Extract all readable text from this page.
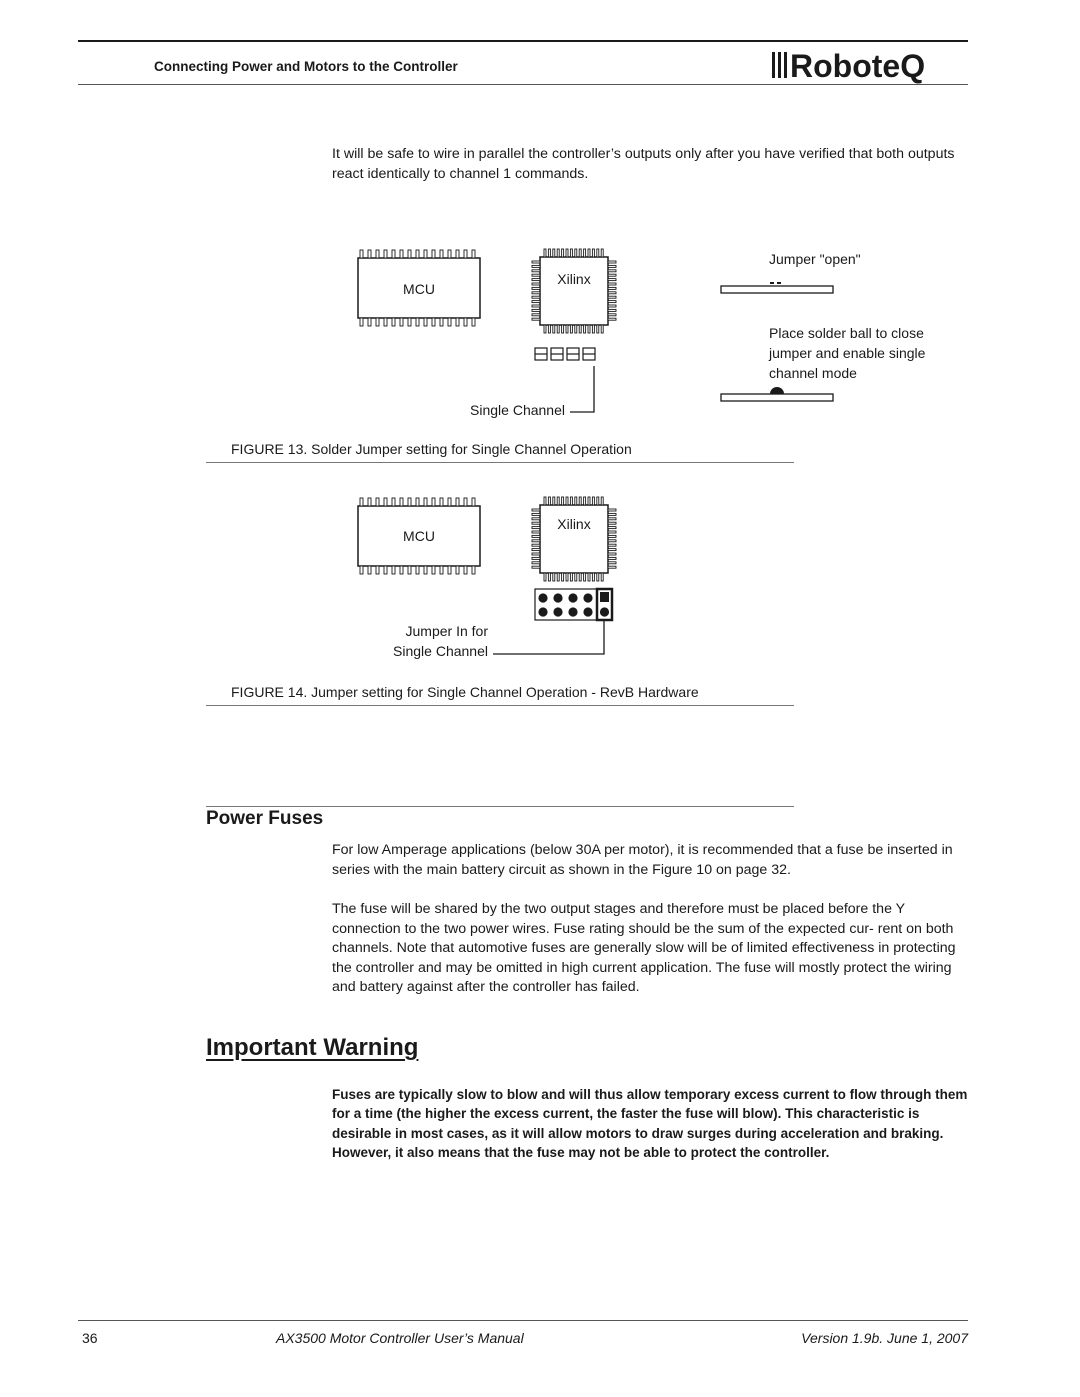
Connecting Power and Motors to the Controller	RoboteQ
It will be safe to wire in parallel the controller’s outputs only after you have verified that both outputs react identically to channel 1 commands.
MCU
Xilinx
Single Channel
Jumper "open"
Place solder ball to close
jumper and enable single
channel mode
FIGURE 13. Solder Jumper setting for Single Channel Operation
MCU
Xilinx
Jumper In for
Single Channel
FIGURE 14. Jumper setting for Single Channel Operation - RevB Hardware
Power Fuses
For low Amperage applications (below 30A per motor), it is recommended that a fuse be inserted in series with the main battery circuit as shown in the Figure 10 on page 32.
The fuse will be shared by the two output stages and therefore must be placed before the Y connection to the two power wires. Fuse rating should be the sum of the expected cur- rent on both channels. Note that automotive fuses are generally slow will be of limited effectiveness in protecting the controller and may be omitted in high current application. The fuse will mostly protect the wiring and battery against after the controller has failed.
Important Warning
Fuses are typically slow to blow and will thus allow temporary excess current to flow through them for a time (the higher the excess current, the faster the fuse will blow). This characteristic is desirable in most cases, as it will allow motors to draw surges during acceleration and braking. However, it also means that the fuse may not be able to protect the controller.
36	AX3500 Motor Controller User’s Manual	Version 1.9b. June 1, 2007
